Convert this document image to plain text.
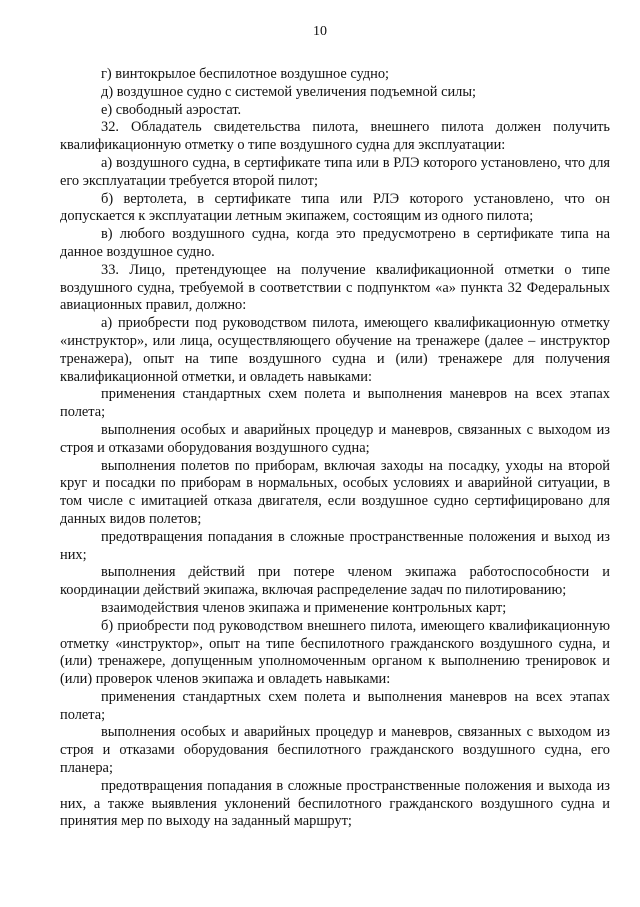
10

г) винтокрылое беспилотное воздушное судно;

д) воздушное судно с системой увеличения подъемной силы;

е) свободный аэростат.

32. Обладатель свидетельства пилота, внешнего пилота должен получить квалификационную отметку о типе воздушного судна для эксплуатации:

а) воздушного судна, в сертификате типа или в РЛЭ которого установлено, что для его эксплуатации требуется второй пилот;

б) вертолета, в сертификате типа или РЛЭ которого установлено, что он допускается к эксплуатации летным экипажем, состоящим из одного пилота;

в) любого воздушного судна, когда это предусмотрено в сертификате типа на данное воздушное судно.

33. Лицо, претендующее на получение квалификационной отметки о типе воздушного судна, требуемой в соответствии с подпунктом «а» пункта 32 Федеральных авиационных правил, должно:

а) приобрести под руководством пилота, имеющего квалификационную отметку «инструктор», или лица, осуществляющего обучение на тренажере (далее – инструктор тренажера), опыт на типе воздушного судна и (или) тренажере для получения квалификационной отметки, и овладеть навыками:

применения стандартных схем полета и выполнения маневров на всех этапах полета;

выполнения особых и аварийных процедур и маневров, связанных с выходом из строя и отказами оборудования воздушного судна;

выполнения полетов по приборам, включая заходы на посадку, уходы на второй круг и посадки по приборам в нормальных, особых условиях и аварийной ситуации, в том числе с имитацией отказа двигателя, если воздушное судно сертифицировано для данных видов полетов;

предотвращения попадания в сложные пространственные положения и выход из них;

выполнения действий при потере членом экипажа работоспособности и координации действий экипажа, включая распределение задач по пилотированию;

взаимодействия членов экипажа и применение контрольных карт;

б) приобрести под руководством внешнего пилота, имеющего квалификационную отметку «инструктор», опыт на типе беспилотного гражданского воздушного судна, и (или) тренажере, допущенным уполномоченным органом к выполнению тренировок и (или) проверок членов экипажа и овладеть навыками:

применения стандартных схем полета и выполнения маневров на всех этапах полета;

выполнения особых и аварийных процедур и маневров, связанных с выходом из строя и отказами оборудования беспилотного гражданского воздушного судна, его планера;

предотвращения попадания в сложные пространственные положения и выхода из них, а также выявления уклонений беспилотного гражданского воздушного судна и принятия мер по выходу на заданный маршрут;
